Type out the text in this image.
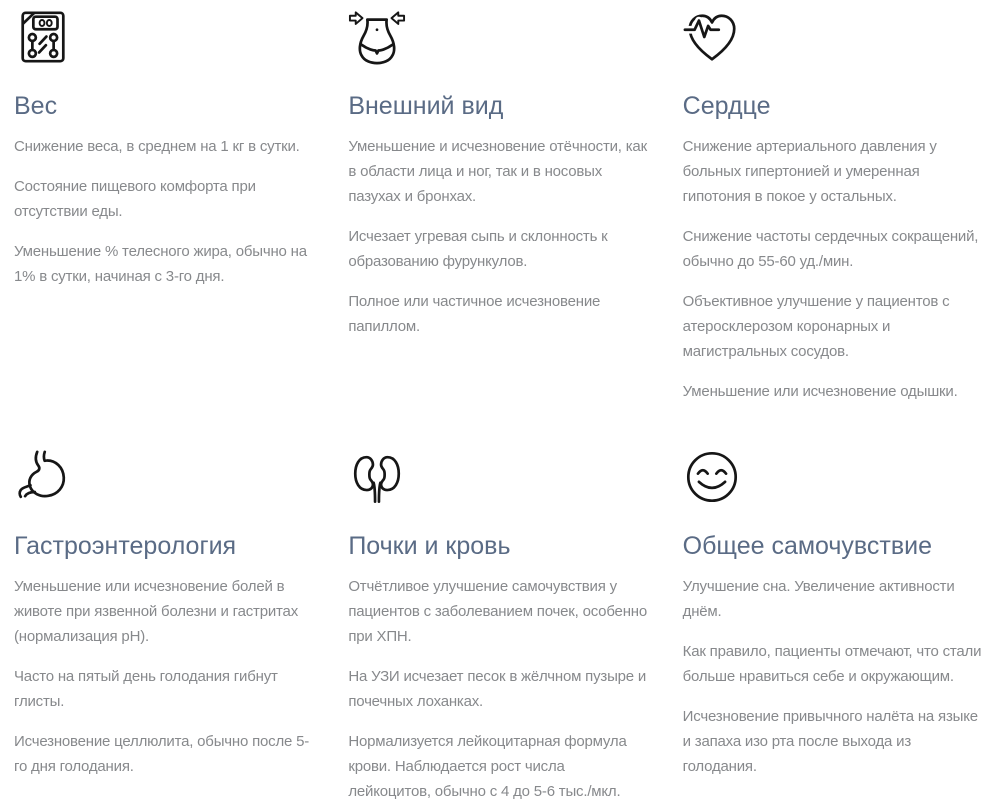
Вес

Снижение веса, в среднем на 1 кг в сутки.

Состояние пищевого комфорта при отсутствии еды.

Уменьшение % телесного жира, обычно на 1% в сутки, начиная с 3-го дня.

Внешний вид

Уменьшение и исчезновение отёчности, как в области лица и ног, так и в носовых пазухах и бронхах.

Исчезает угревая сыпь и склонность к образованию фурункулов.

Полное или частичное исчезновение папиллом.

Сердце

Снижение артериального давления у больных гипертонией и умеренная гипотония в покое у остальных.

Снижение частоты сердечных сокращений, обычно до 55-60 уд./мин.

Объективное улучшение у пациентов с атеросклерозом коронарных и магистральных сосудов.

Уменьшение или исчезновение одышки.

Гастроэнтерология

Уменьшение или исчезновение болей в животе при язвенной болезни и гастритах (нормализация pH).

Часто на пятый день голодания гибнут глисты.

Исчезновение целлюлита, обычно после 5-го дня голодания.

Почки и кровь

Отчётливое улучшение самочувствия у пациентов с заболеванием почек, особенно при ХПН.

На УЗИ исчезает песок в жёлчном пузыре и почечных лоханках.

Нормализуется лейкоцитарная формула крови. Наблюдается рост числа лейкоцитов, обычно с 4 до 5-6 тыс./мкл.

Общее самочувствие

Улучшение сна. Увеличение активности днём.

Как правило, пациенты отмечают, что стали больше нравиться себе и окружающим.

Исчезновение привычного налёта на языке и запаха изо рта после выхода из голодания.
